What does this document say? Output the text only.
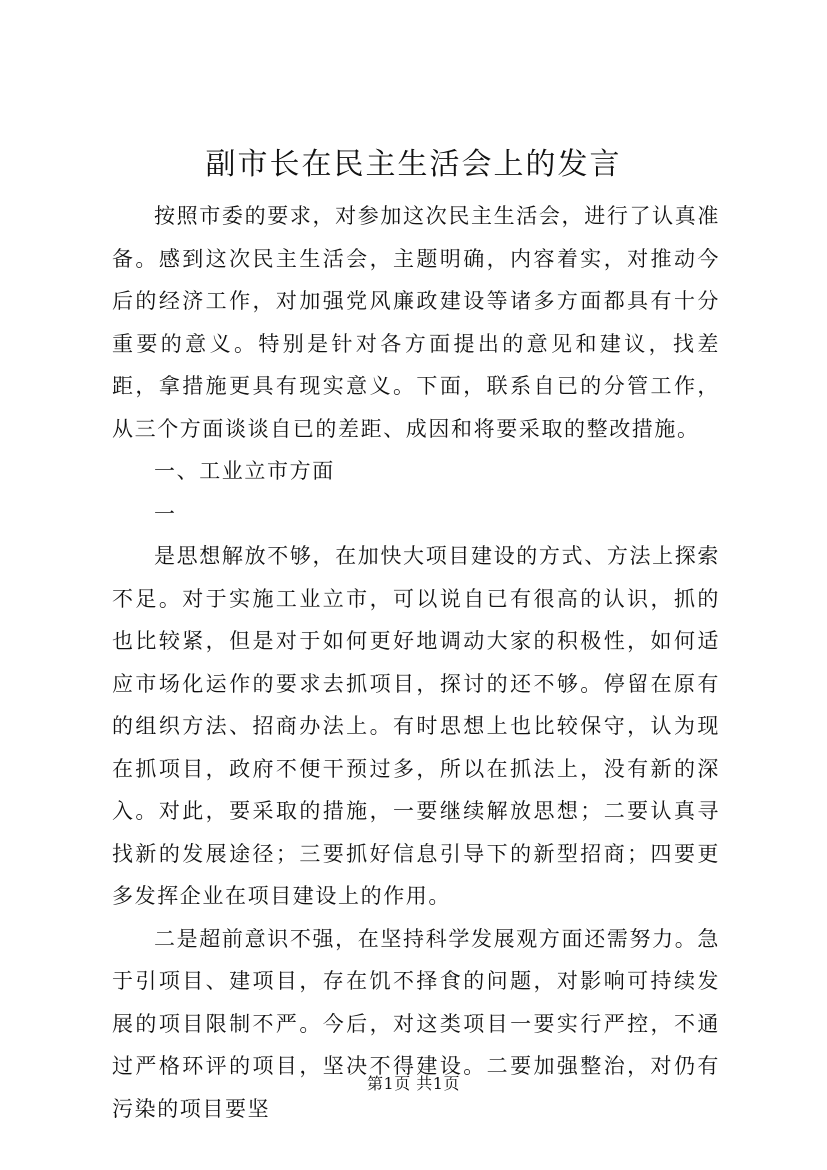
副市长在民主生活会上的发言

按照市委的要求，对参加这次民主生活会，进行了认真准备。感到这次民主生活会，主题明确，内容着实，对推动今后的经济工作，对加强党风廉政建设等诸多方面都具有十分重要的意义。特别是针对各方面提出的意见和建议，找差距，拿措施更具有现实意义。下面，联系自已的分管工作，从三个方面谈谈自已的差距、成因和将要采取的整改措施。

一、工业立市方面

一

是思想解放不够，在加快大项目建设的方式、方法上探索不足。对于实施工业立市，可以说自已有很高的认识，抓的也比较紧，但是对于如何更好地调动大家的积极性，如何适应市场化运作的要求去抓项目，探讨的还不够。停留在原有的组织方法、招商办法上。有时思想上也比较保守，认为现在抓项目，政府不便干预过多，所以在抓法上，没有新的深入。对此，要采取的措施，一要继续解放思想；二要认真寻找新的发展途径；三要抓好信息引导下的新型招商；四要更多发挥企业在项目建设上的作用。

二是超前意识不强，在坚持科学发展观方面还需努力。急于引项目、建项目，存在饥不择食的问题，对影响可持续发展的项目限制不严。今后，对这类项目一要实行严控，不通过严格环评的项目，坚决不得建设。二要加强整治，对仍有污染的项目要坚

第1页 共1页
